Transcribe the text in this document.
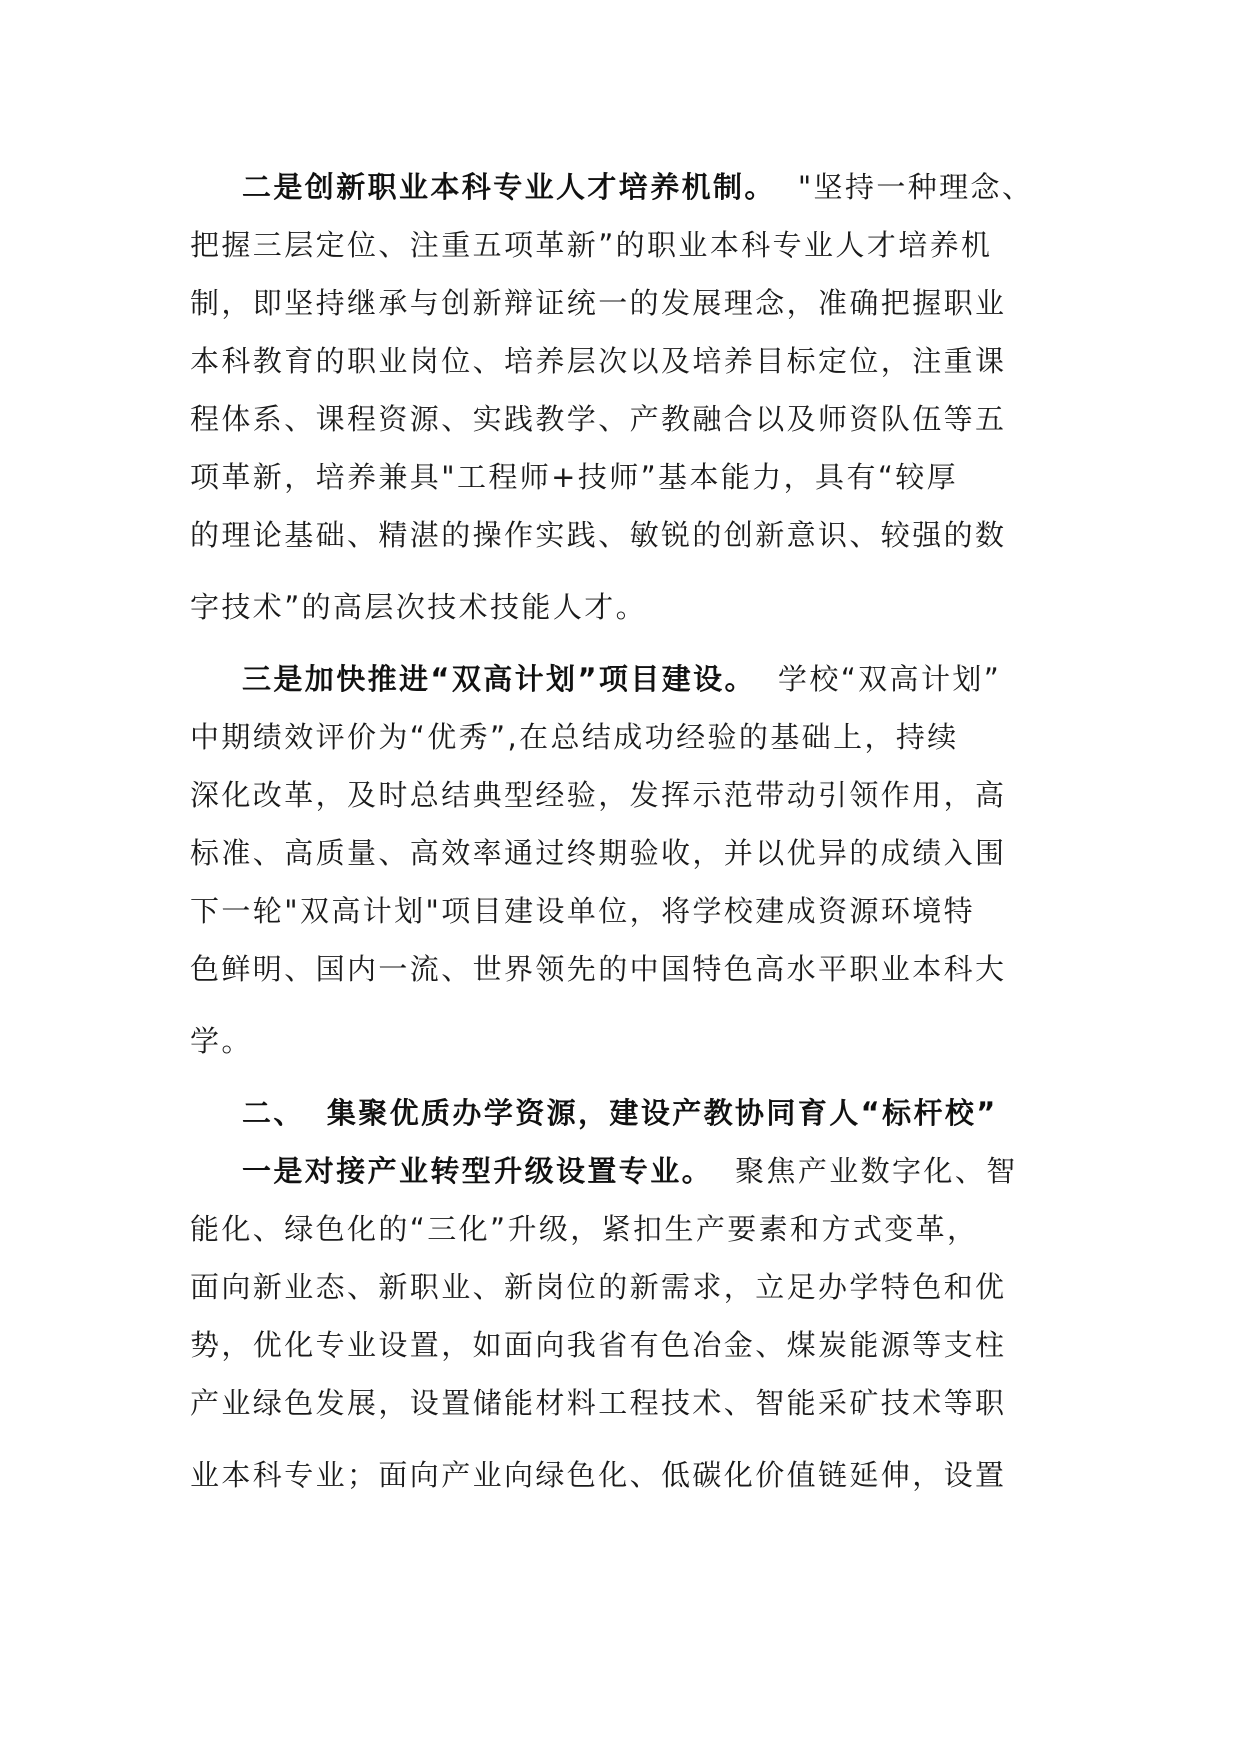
二是创新职业本科专业人才培养机制。 "坚持一种理念、
把握三层定位、注重五项革新”的职业本科专业人才培养机
制，即坚持继承与创新辩证统一的发展理念，准确把握职业
本科教育的职业岗位、培养层次以及培养目标定位，注重课
程体系、课程资源、实践教学、产教融合以及师资队伍等五
项革新，培养兼具"工程师+技师”基本能力，具有“较厚
的理论基础、精湛的操作实践、敏锐的创新意识、较强的数
字技术”的高层次技术技能人才。
三是加快推进“双高计划”项目建设。 学校“双高计划”
中期绩效评价为“优秀”,在总结成功经验的基础上，持续
深化改革，及时总结典型经验，发挥示范带动引领作用，高
标准、高质量、高效率通过终期验收，并以优异的成绩入围
下一轮"双高计划"项目建设单位，将学校建成资源环境特
色鲜明、国内一流、世界领先的中国特色高水平职业本科大
学。
二、 集聚优质办学资源，建设产教协同育人“标杆校”
一是对接产业转型升级设置专业。 聚焦产业数字化、智
能化、绿色化的“三化”升级，紧扣生产要素和方式变革，
面向新业态、新职业、新岗位的新需求，立足办学特色和优
势，优化专业设置，如面向我省有色冶金、煤炭能源等支柱
产业绿色发展，设置储能材料工程技术、智能采矿技术等职
业本科专业；面向产业向绿色化、低碳化价值链延伸，设置
